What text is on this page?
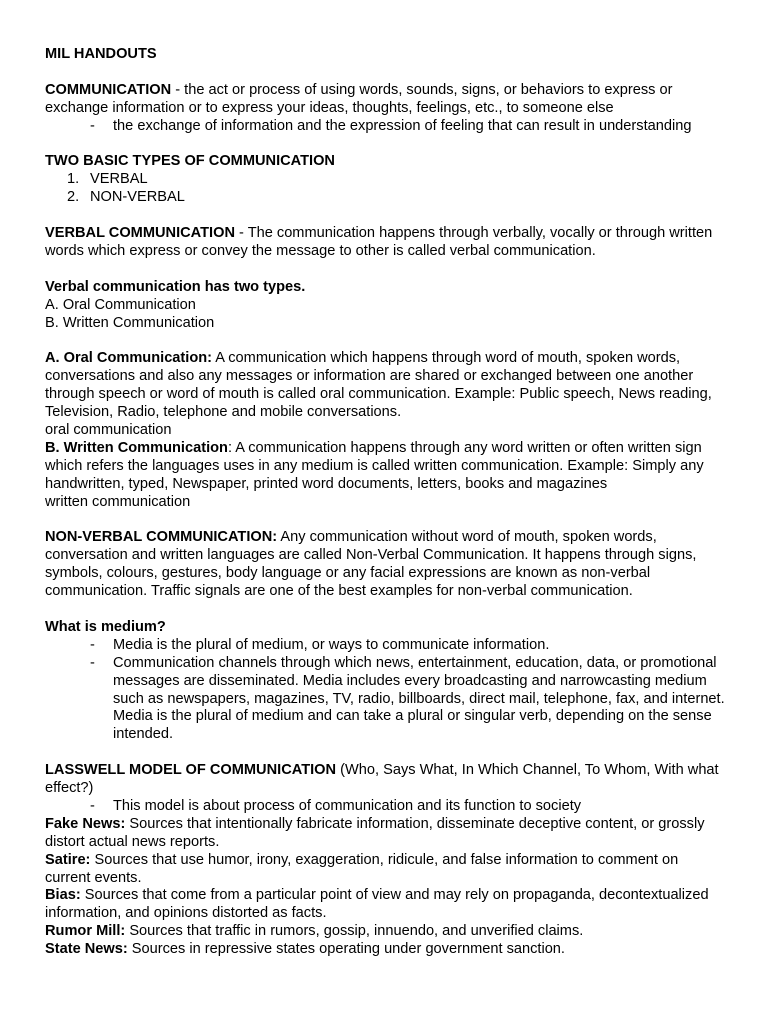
MIL HANDOUTS

COMMUNICATION - the act or process of using words, sounds, signs, or behaviors to express or exchange information or to express your ideas, thoughts, feelings, etc., to someone else

- the exchange of information and the expression of feeling that can result in understanding

TWO BASIC TYPES OF COMMUNICATION

1. VERBAL
2. NON-VERBAL

VERBAL COMMUNICATION - The communication happens through verbally, vocally or through written words which express or convey the message to other is called verbal communication.

Verbal communication has two types.

A. Oral Communication

B. Written Communication

A. Oral Communication: A communication which happens through word of mouth, spoken words, conversations and also any messages or information are shared or exchanged between one another through speech or word of mouth is called oral communication. Example: Public speech, News reading, Television, Radio, telephone and mobile conversations.

oral communication

B. Written Communication: A communication happens through any word written or often written sign which refers the languages uses in any medium is called written communication. Example: Simply any handwritten, typed, Newspaper, printed word documents, letters, books and magazines

written communication

NON-VERBAL COMMUNICATION: Any communication without word of mouth, spoken words, conversation and written languages are called Non-Verbal Communication. It happens through signs, symbols, colours, gestures, body language or any facial expressions are known as non-verbal communication. Traffic signals are one of the best examples for non-verbal communication.

What is medium?

- Media is the plural of medium, or ways to communicate information.
- Communication channels through which news, entertainment, education, data, or promotional messages are disseminated. Media includes every broadcasting and narrowcasting medium such as newspapers, magazines, TV, radio, billboards, direct mail, telephone, fax, and internet. Media is the plural of medium and can take a plural or singular verb, depending on the sense intended.

LASSWELL MODEL OF COMMUNICATION (Who, Says What, In Which Channel, To Whom, With what effect?)

- This model is about process of communication and its function to society

Fake News: Sources that intentionally fabricate information, disseminate deceptive content, or grossly distort actual news reports.

Satire: Sources that use humor, irony, exaggeration, ridicule, and false information to comment on current events.

Bias: Sources that come from a particular point of view and may rely on propaganda, decontextualized information, and opinions distorted as facts.

Rumor Mill: Sources that traffic in rumors, gossip, innuendo, and unverified claims.

State News: Sources in repressive states operating under government sanction.
